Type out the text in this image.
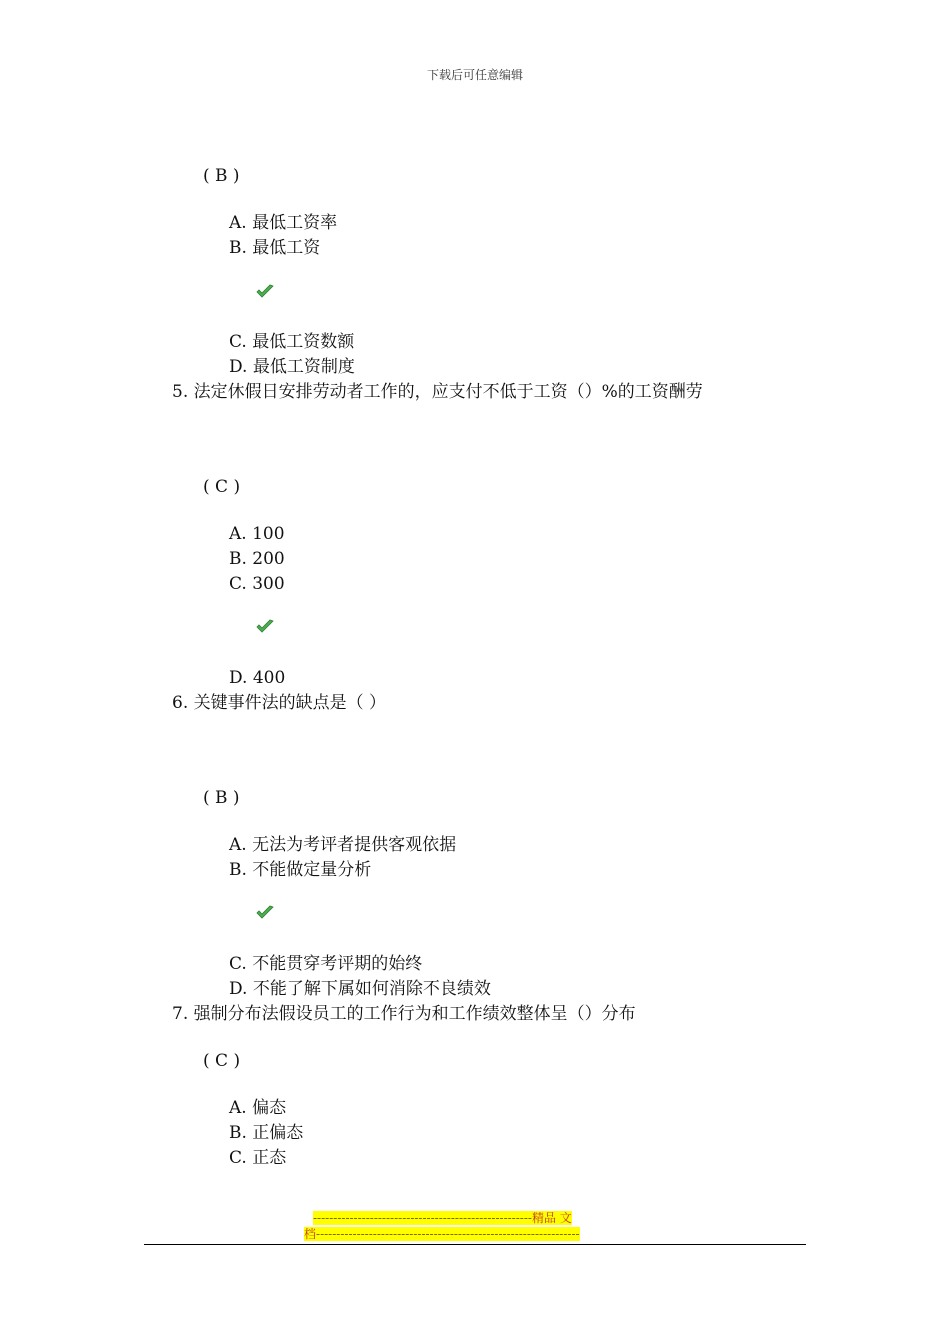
下载后可任意编辑
( B )
A. 最低工资率
B. 最低工资
C. 最低工资数额
D. 最低工资制度
5. 法定休假日安排劳动者工作的，应支付不低于工资（）%的工资酬劳
( C )
A. 100
B. 200
C. 300
D. 400
6. 关键事件法的缺点是（ ）
( B )
A. 无法为考评者提供客观依据
B. 不能做定量分析
C. 不能贯穿考评期的始终
D. 不能了解下属如何消除不良绩效
7. 强制分布法假设员工的工作行为和工作绩效整体呈（）分布
( C )
A. 偏态
B. 正偏态
C. 正态
------------------------------------------------------精品 文
档-----------------------------------------------------------------
